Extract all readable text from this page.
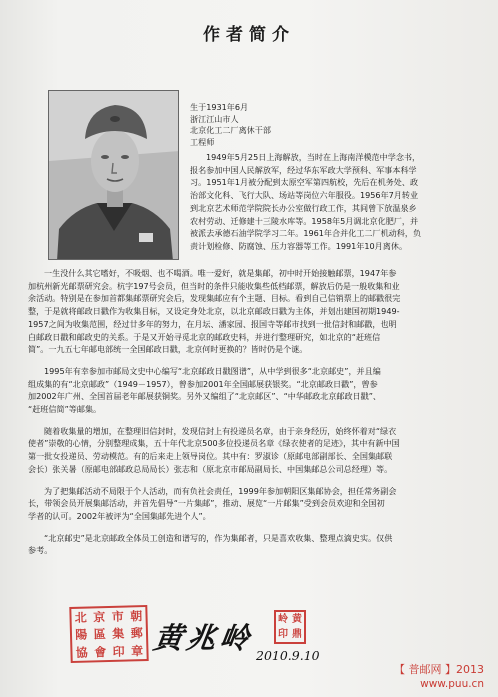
作者简介
生于1931年6月
浙江江山市人
北京化工二厂离休干部
工程师
1949年5月25日上海解放，当时在上海南洋模范中学念书，
报名参加中国人民解放军，经过华东军政大学预科、军事本科学
习。1951年1月被分配到太原空军第四航校，先后在机务处、政
治部文化科、飞行大队、场站等岗位六年服役。1956年7月转业
到北京艺术师范学院院长办公室做行政工作，其间曾下放温泉乡
农村劳动、迁修建十三陵水库等。1958年5月调北京化肥厂，并
被派去承德石油学院学习二年。1961年合并化工二厂机动科，负
责计划检修、防腐蚀、压力容器等工作。1991年10月离休。
一生没什么其它嗜好，不吸烟、也不喝酒。唯一爱好，就是集邮，初中时开始接触邮票，1947年参
加杭州新光邮票研究会。杭字197号会员，但当时的条件只能收集些低档邮票，解放后仍是一般收集和业
余活动。特别是在参加首都集邮票研究会后，发现集邮应有个主题、目标。看到自己信销票上的邮戳很完
整，于是就将邮政日戳作为收集目标，又设定身处北京，以北京邮政日戳为主体，并划出建国初期1949-
1957之间为收集范围，经过廿多年的努力，在月坛、潘家园、报国寺等邮市找到一批信封和邮戳，也明
白邮政日戳和邮政史的关系。于是又开始寻觅北京的邮政史料，并进行整理研究，如北京的“赶班信
简”。一九五七年邮电部统一全国邮政日戳，北京何时更换的？皆时仍是个谜。
1995年有幸参加市邮局文史中心编写“北京邮政日戳图谱”，从中学到很多“北京邮史”，并且编
组成集的有“北京邮政”（1949－1957），曾参加2001年全国邮展获银奖。“北京邮政日戳”，曾参
加2002年广州、全国首届老年邮展获铜奖。另外又编组了“北京邮区”、“中华邮政北京邮政日戳”、
“赶班信简”等邮集。
随着收集量的增加，在整理旧信封时，发现信封上有投递员名章，由于亲身经历，始终怀着对“绿衣
使者”崇敬的心情，分别整理成集，五十年代北京500多位投递员名章《绿衣使者的足迹》，其中有新中国
第一批女投递员、劳动模范。有的后来走上领导岗位。其中有：罗淑诊（原邮电部副部长、全国集邮联
会长）张关暑（原邮电部邮政总局局长）张志和（原北京市邮局副局长、中国集邮总公司总经理）等。
为了把集邮活动不局限于个人活动，而有负社会责任，1999年参加朝阳区集邮协会，担任常务副会
长，带领会员开展集邮活动，并首先倡导“一片集邮”，推动、展览“一片邮集”受到会员欢迎和全国初
学者的认可。2002年被评为“全国集邮先进个人”。
“北京邮史”是北京邮政全体员工创造和谱写的，作为集邮者，只是喜欢收集、整理点滴史实。仅供
参考。
北 京 市 朝
陽 區 集 郵
協 會 印 章 黄兆岭
2010.9.10
岭 黄
印 鼎
【 普邮网 】2013
www.puu.cn
